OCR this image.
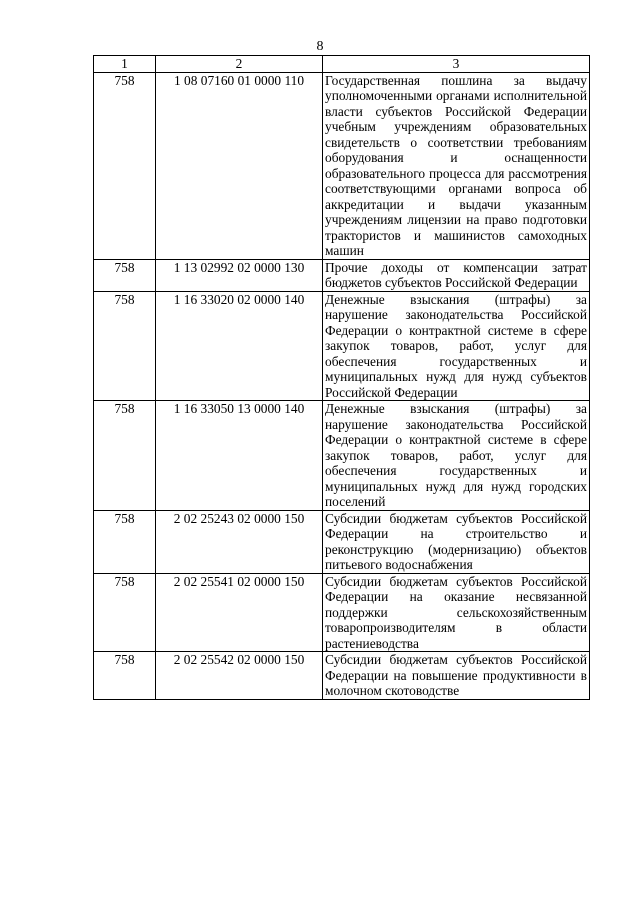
8
1	2	3
758	1 08 07160 01 0000 110	Государственная пошлина за выдачу уполномоченными органами исполнительной власти субъектов Российской Федерации учебным учреждениям образовательных свидетельств о соответствии требованиям оборудования и оснащенности образовательного процесса для рассмотрения соответствующими органами вопроса об аккредитации и выдачи указанным учреждениям лицензии на право подготовки трактористов и машинистов самоходных машин
758	1 13 02992 02 0000 130	Прочие доходы от компенсации затрат бюджетов субъектов Российской Федерации
758	1 16 33020 02 0000 140	Денежные взыскания (штрафы) за нарушение законодательства Российской Федерации о контрактной системе в сфере закупок товаров, работ, услуг для обеспечения государственных и муниципальных нужд для нужд субъектов Российской Федерации
758	1 16 33050 13 0000 140	Денежные взыскания (штрафы) за нарушение законодательства Российской Федерации о контрактной системе в сфере закупок товаров, работ, услуг для обеспечения государственных и муниципальных нужд для нужд городских поселений
758	2 02 25243 02 0000 150	Субсидии бюджетам субъектов Российской Федерации на строительство и реконструкцию (модернизацию) объектов питьевого водоснабжения
758	2 02 25541 02 0000 150	Субсидии бюджетам субъектов Российской Федерации на оказание несвязанной поддержки сельскохозяйственным товаропроизводителям в области растениеводства
758	2 02 25542 02 0000 150	Субсидии бюджетам субъектов Российской Федерации на повышение продуктивности в молочном скотоводстве
